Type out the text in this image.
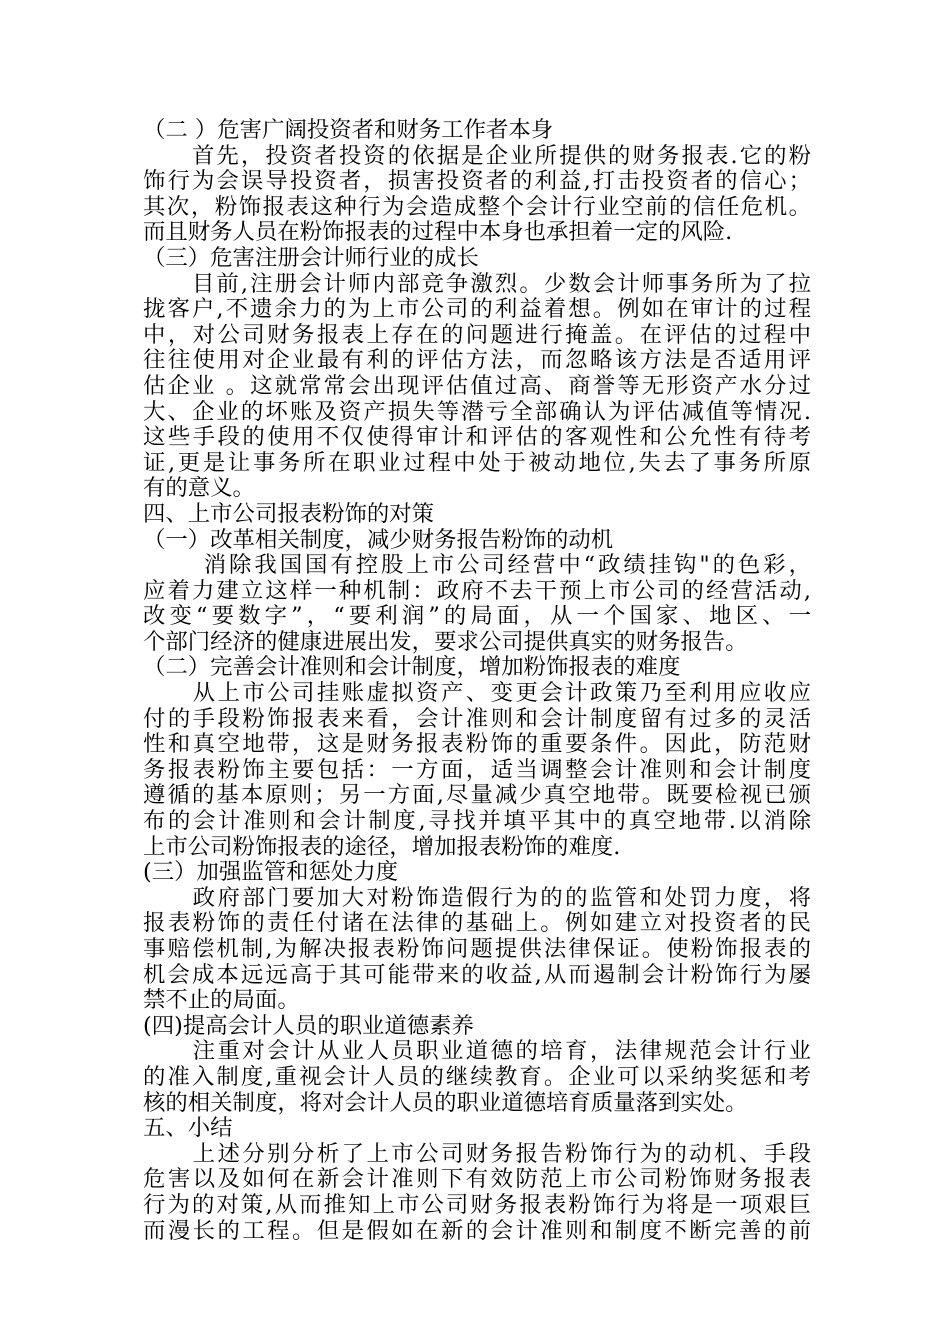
（二 ）危害广阔投资者和财务工作者本身
　　首先，投资者投资的依据是企业所提供的财务报表.它的粉
饰行为会误导投资者，损害投资者的利益,打击投资者的信心；
其次，粉饰报表这种行为会造成整个会计行业空前的信任危机。
而且财务人员在粉饰报表的过程中本身也承担着一定的风险.
（三）危害注册会计师行业的成长
　　目前,注册会计师内部竞争激烈。少数会计师事务所为了拉
拢客户,不遗余力的为上市公司的利益着想。例如在审计的过程
中，对公司财务报表上存在的问题进行掩盖。在评估的过程中
往往使用对企业最有利的评估方法，而忽略该方法是否适用评
估企业 。这就常常会出现评估值过高、商誉等无形资产水分过
大、企业的坏账及资产损失等潜亏全部确认为评估减值等情况.
这些手段的使用不仅使得审计和评估的客观性和公允性有待考
证,更是让事务所在职业过程中处于被动地位,失去了事务所原
有的意义。
四、上市公司报表粉饰的对策
（一）改革相关制度，减少财务报告粉饰的动机
　　 消除我国国有控股上市公司经营中“政绩挂钩"的色彩，
应着力建立这样一种机制：政府不去干预上市公司的经营活动,
改变“要数字”，“要利润”的局面，从一个国家、地区、一
个部门经济的健康进展出发，要求公司提供真实的财务报告。
（二）完善会计准则和会计制度，增加粉饰报表的难度
　　从上市公司挂账虚拟资产、变更会计政策乃至利用应收应
付的手段粉饰报表来看，会计准则和会计制度留有过多的灵活
性和真空地带，这是财务报表粉饰的重要条件。因此，防范财
务报表粉饰主要包括：一方面，适当调整会计准则和会计制度
遵循的基本原则；另一方面,尽量减少真空地带。既要检视已颁
布的会计准则和会计制度,寻找并填平其中的真空地带.以消除
上市公司粉饰报表的途径，增加报表粉饰的难度.
(三）加强监管和惩处力度
　　政府部门要加大对粉饰造假行为的的监管和处罚力度，将
报表粉饰的责任付诸在法律的基础上。例如建立对投资者的民
事赔偿机制,为解决报表粉饰问题提供法律保证。使粉饰报表的
机会成本远远高于其可能带来的收益,从而遏制会计粉饰行为屡
禁不止的局面。
(四)提高会计人员的职业道德素养
　　注重对会计从业人员职业道德的培育，法律规范会计行业
的准入制度,重视会计人员的继续教育。企业可以采纳奖惩和考
核的相关制度，将对会计人员的职业道德培育质量落到实处。
五、小结
　　上述分别分析了上市公司财务报告粉饰行为的动机、手段
危害以及如何在新会计准则下有效防范上市公司粉饰财务报表
行为的对策,从而推知上市公司财务报表粉饰行为将是一项艰巨
而漫长的工程。但是假如在新的会计准则和制度不断完善的前
